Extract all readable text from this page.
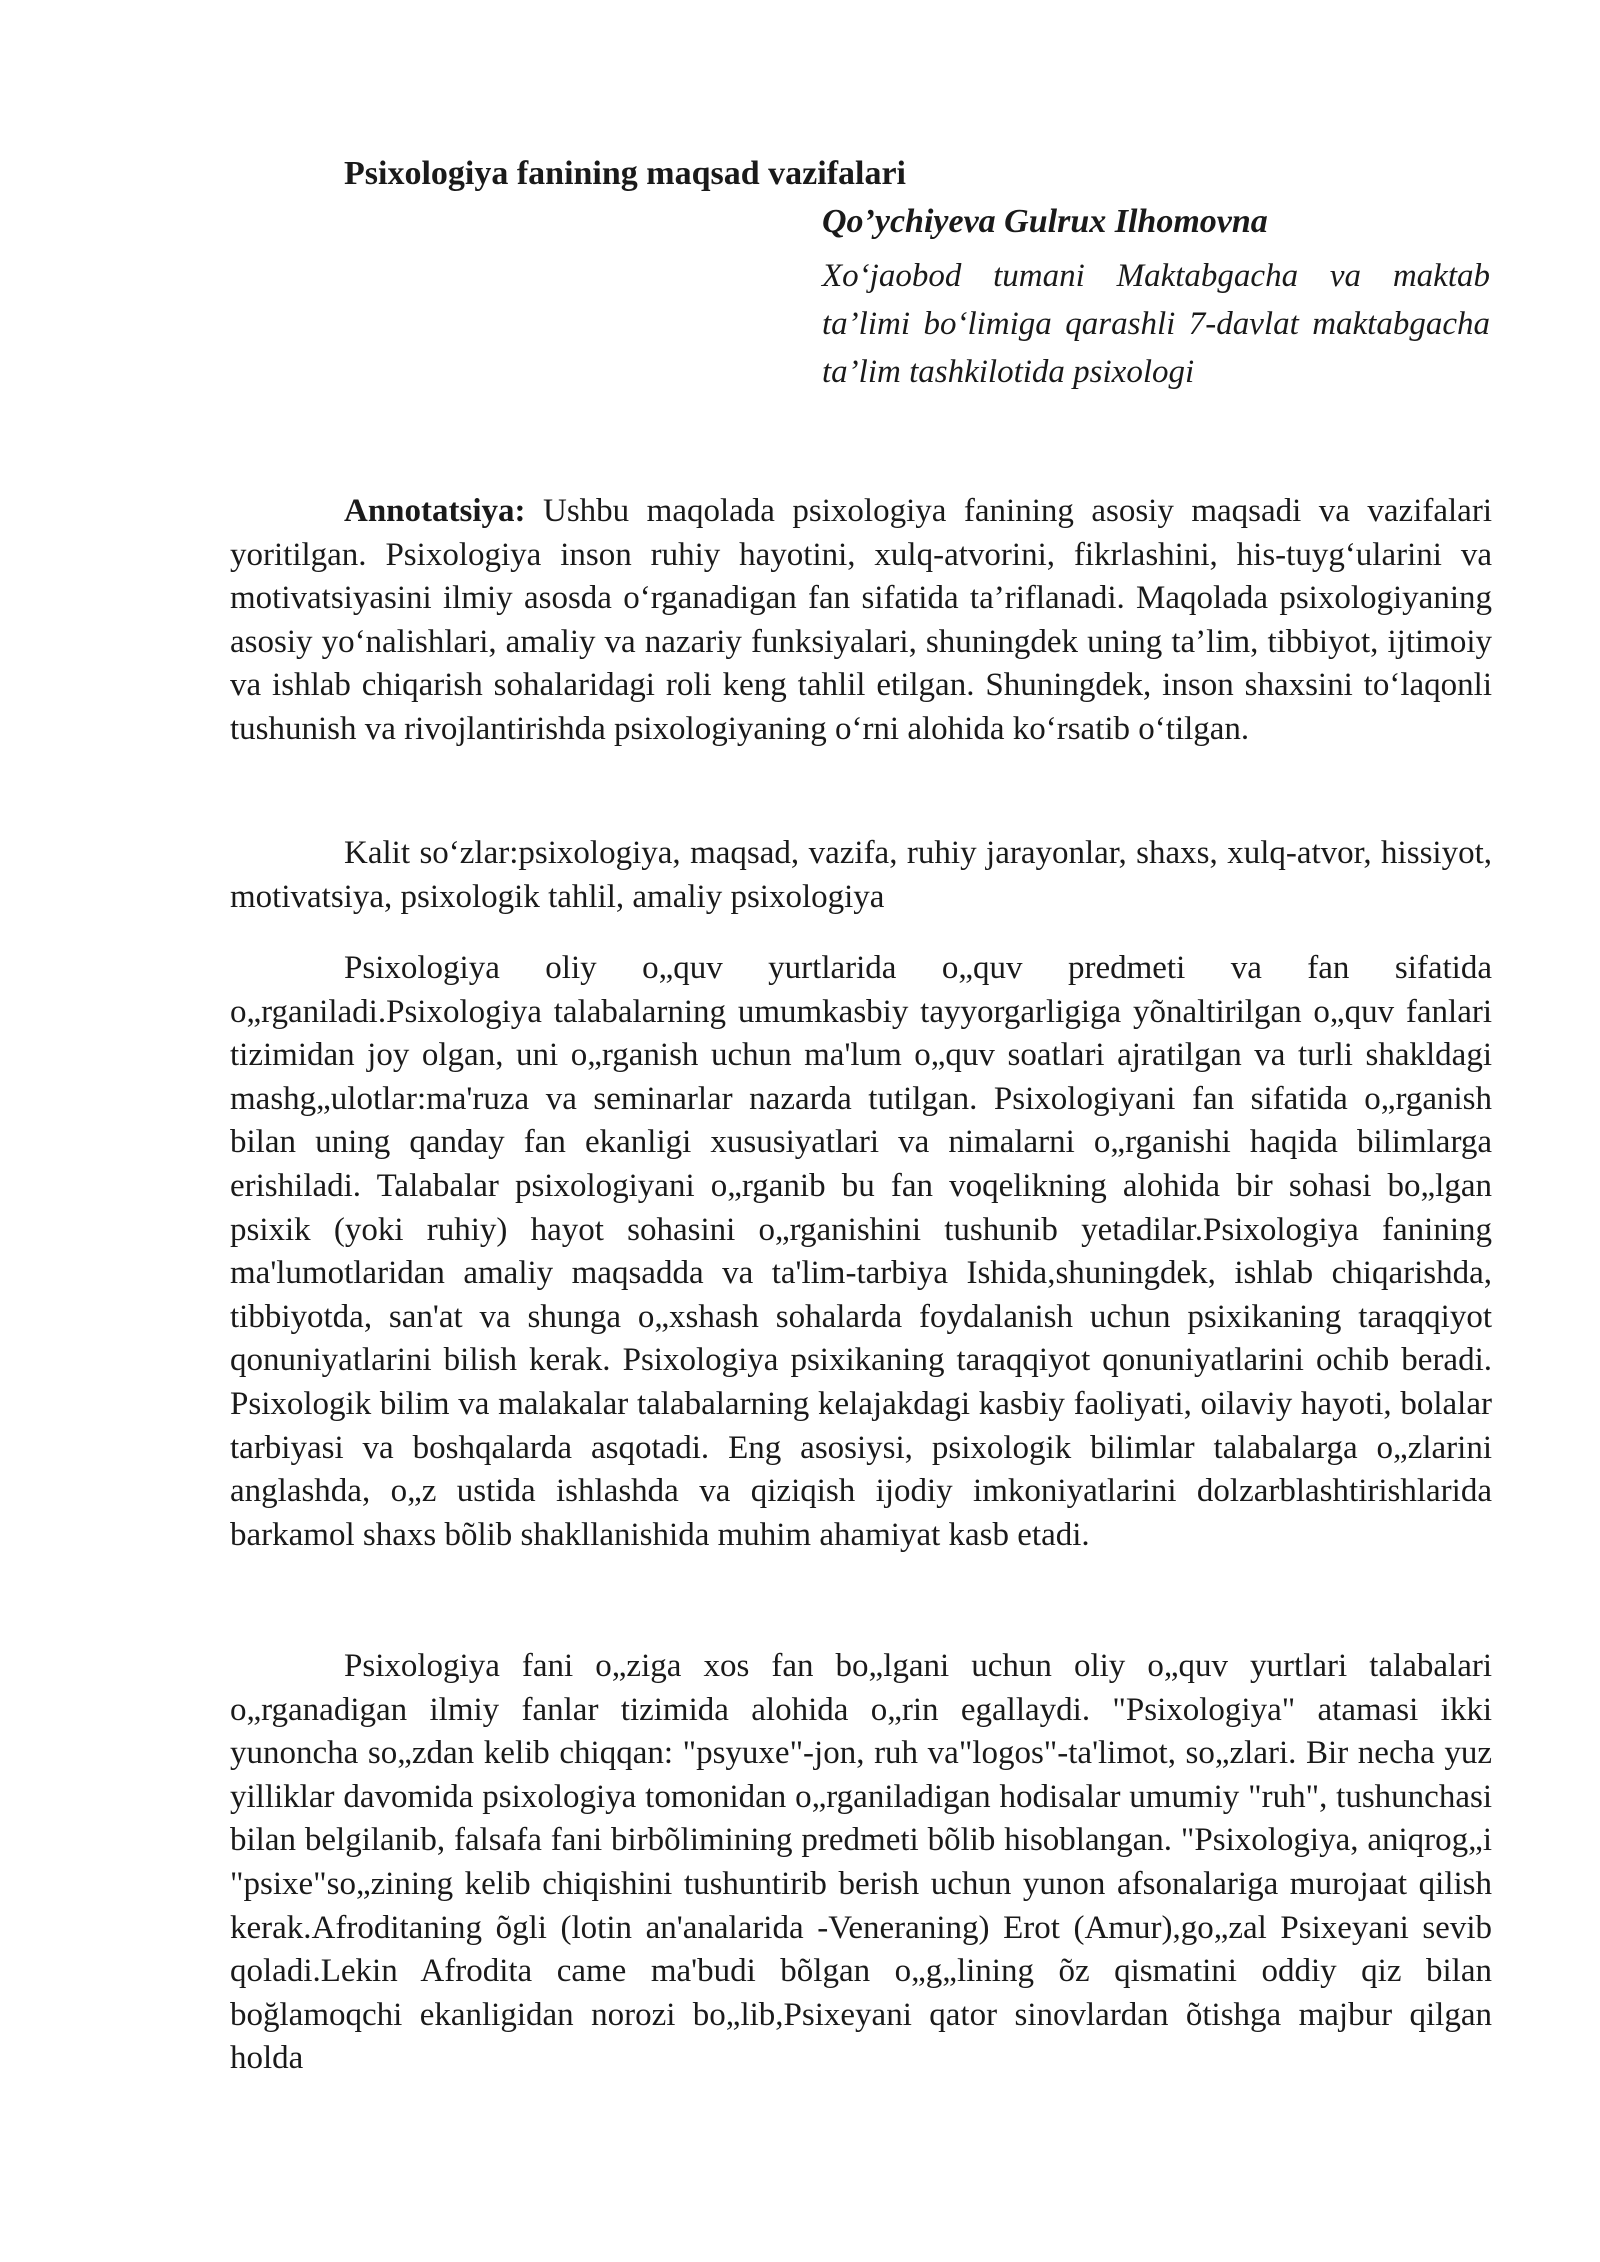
Psixologiya fanining maqsad vazifalari

Qo’ychiyeva Gulrux Ilhomovna

Xo‘jaobod tumani Maktabgacha va maktab ta’limi bo‘limiga qarashli 7-davlat maktabgacha ta’lim tashkilotida psixologi

Annotatsiya: Ushbu maqolada psixologiya fanining asosiy maqsadi va vazifalari yoritilgan. Psixologiya inson ruhiy hayotini, xulq-atvorini, fikrlashini, his-tuyg‘ularini va motivatsiyasini ilmiy asosda o‘rganadigan fan sifatida ta’riflanadi. Maqolada psixologiyaning asosiy yo‘nalishlari, amaliy va nazariy funksiyalari, shuningdek uning ta’lim, tibbiyot, ijtimoiy va ishlab chiqarish sohalaridagi roli keng tahlil etilgan. Shuningdek, inson shaxsini to‘laqonli tushunish va rivojlantirishda psixologiyaning o‘rni alohida ko‘rsatib o‘tilgan.

Kalit so‘zlar:psixologiya, maqsad, vazifa, ruhiy jarayonlar, shaxs, xulq-atvor, hissiyot, motivatsiya, psixologik tahlil, amaliy psixologiya

Psixologiya oliy o„quv yurtlarida o„quv predmeti va fan sifatida o„rganiladi.Psixologiya talabalarning umumkasbiy tayyorgarligiga yõnaltirilgan o„quv fanlari tizimidan joy olgan, uni o„rganish uchun ma'lum o„quv soatlari ajratilgan va turli shakldagi mashg„ulotlar:ma'ruza va seminarlar nazarda tutilgan. Psixologiyani fan sifatida o„rganish bilan uning qanday fan ekanligi xususiyatlari va nimalarni o„rganishi haqida bilimlarga erishiladi. Talabalar psixologiyani o„rganib bu fan voqelikning alohida bir sohasi bo„lgan psixik (yoki ruhiy) hayot sohasini o„rganishini tushunib yetadilar.Psixologiya fanining ma'lumotlaridan amaliy maqsadda va ta'lim-tarbiya Ishida,shuningdek, ishlab chiqarishda, tibbiyotda, san'at va shunga o„xshash sohalarda foydalanish uchun psixikaning taraqqiyot qonuniyatlarini bilish kerak. Psixologiya psixikaning taraqqiyot qonuniyatlarini ochib beradi. Psixologik bilim va malakalar talabalarning kelajakdagi kasbiy faoliyati, oilaviy hayoti, bolalar tarbiyasi va boshqalarda asqotadi. Eng asosiysi, psixologik bilimlar talabalarga o„zlarini anglashda, o„z ustida ishlashda va qiziqish ijodiy imkoniyatlarini dolzarblashtirishlarida barkamol shaxs bõlib shakllanishida muhim ahamiyat kasb etadi.

Psixologiya fani o„ziga xos fan bo„lgani uchun oliy o„quv yurtlari talabalari o„rganadigan ilmiy fanlar tizimida alohida o„rin egallaydi. "Psixologiya" atamasi ikki yunoncha so„zdan kelib chiqqan: "psyuxe"-jon, ruh va"logos"-ta'limot, so„zlari. Bir necha yuz yilliklar davomida psixologiya tomonidan o„rganiladigan hodisalar umumiy "ruh", tushunchasi bilan belgilanib, falsafa fani birbõlimining predmeti bõlib hisoblangan. "Psixologiya, aniqrog„i "psixe"so„zining kelib chiqishini tushuntirib berish uchun yunon afsonalariga murojaat qilish kerak.Afroditaning õgli (lotin an'analarida -Veneraning) Erot (Amur),go„zal Psixeyani sevib qoladi.Lekin Afrodita came ma'budi bõlgan o„g„lining õz qismatini oddiy qiz bilan boğlamoqchi ekanligidan norozi bo„lib,Psixeyani qator sinovlardan õtishga majbur qilgan holda
